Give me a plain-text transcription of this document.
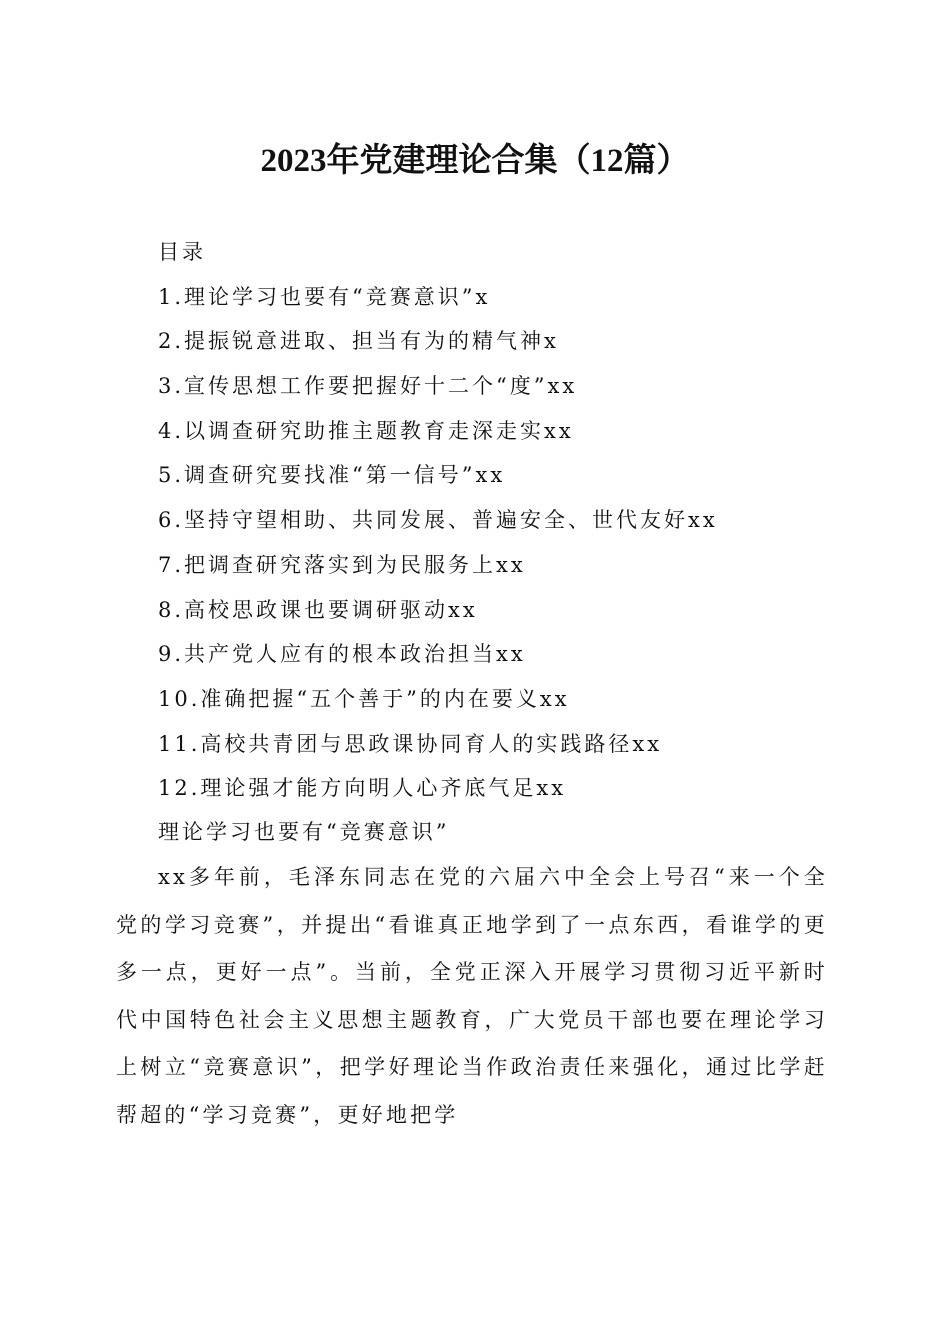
2023年党建理论合集（12篇）
目录
1.理论学习也要有“竞赛意识”x
2.提振锐意进取、担当有为的精气神x
3.宣传思想工作要把握好十二个“度”xx
4.以调查研究助推主题教育走深走实xx
5.调查研究要找准“第一信号”xx
6.坚持守望相助、共同发展、普遍安全、世代友好xx
7.把调查研究落实到为民服务上xx
8.高校思政课也要调研驱动xx
9.共产党人应有的根本政治担当xx
10.准确把握“五个善于”的内在要义xx
11.高校共青团与思政课协同育人的实践路径xx
12.理论强才能方向明人心齐底气足xx
理论学习也要有“竞赛意识”

xx多年前，毛泽东同志在党的六届六中全会上号召“来一个全党的学习竞赛”，并提出“看谁真正地学到了一点东西，看谁学的更多一点，更好一点”。当前，全党正深入开展学习贯彻习近平新时代中国特色社会主义思想主题教育，广大党员干部也要在理论学习上树立“竞赛意识”，把学好理论当作政治责任来强化，通过比学赶帮超的“学习竞赛”，更好地把学
